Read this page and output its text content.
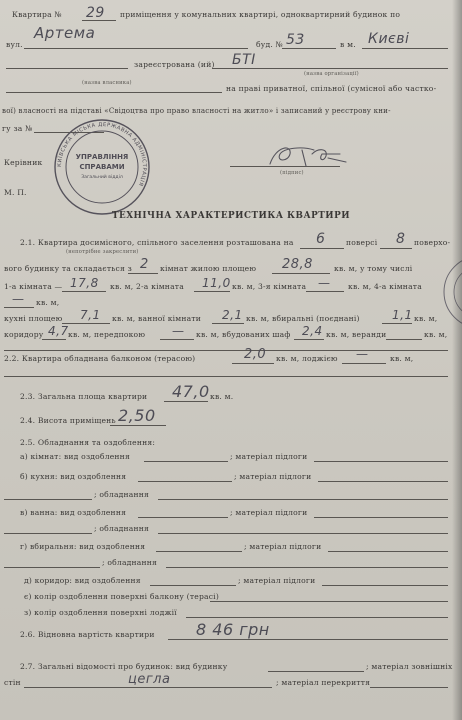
Квартира № 29 приміщення у комунальних квартирі, одноквартирний будинок по
вул.
Артема
буд. № 53	в м. Києві
зареєстрована (ий) БТІ
(назва організації)
(назва власника)
на праві приватної, спільної (сумісної або частко-
вої) власності на підставі «Свідоцтва про право власності на житло» і записаний у реєстрову кни-
гу за №
Керівник
(підпис)
М. П.
КИЇВСЬКА МІСЬКА ДЕРЖАВНА АДМІНІСТРАЦІЯ
УПРАВЛІННЯ
СПРАВАМИ
Загальний відділ
ТЕХНІЧНА ХАРАКТЕРИСТИКА КВАРТИРИ
2.1. Квартира досимісного, спільного заселення розташована на 6	поверсі 8 поверхо-
(непотрібне закреслити)
вого будинку та складається з 2 кімнат жилою площею 28,8	кв. м, у тому числі
1-а кімната — 17,8 кв. м, 2-а кімната 11,0 кв. м, 3-я кімната — кв. м, 4-а кімната
— кв. м,
кухні площею 7,1 кв. м, ванної кімнати 2,1 кв. м, вбиральні (поєднані)	1,1 кв. м,
коридору 4,7 кв. м, передпокою — кв. м, вбудованих шаф 2,4 кв. м, веранди	кв. м,
2.2. Квартира обладнана балконом (терасою)	2,0 кв. м, лоджією —	кв. м,
2.3. Загальна площа квартири 47,0 кв. м.
2.4. Висота приміщень 2,50
2.5. Обладнання та оздоблення:
а) кімнат: вид оздоблення	; матеріал підлоги
б) кухня: вид оздоблення	; матеріал підлоги
; обладнання
в) ванна: вид оздоблення	; матеріал підлоги
; обладнання
г) вбиральня: вид оздоблення	; матеріал підлоги
; обладнання
д) коридор: вид оздоблення	; матеріал підлоги
є) колір оздоблення поверхні балкону (терасі)
з) колір оздоблення поверхні лоджії
2.6. Відновна вартість квартири	8 46 грн
2.7. Загальні відомості про будинок: вид будинку	; матеріал зовнішніх
стін	цегла	; матеріал перекриття
